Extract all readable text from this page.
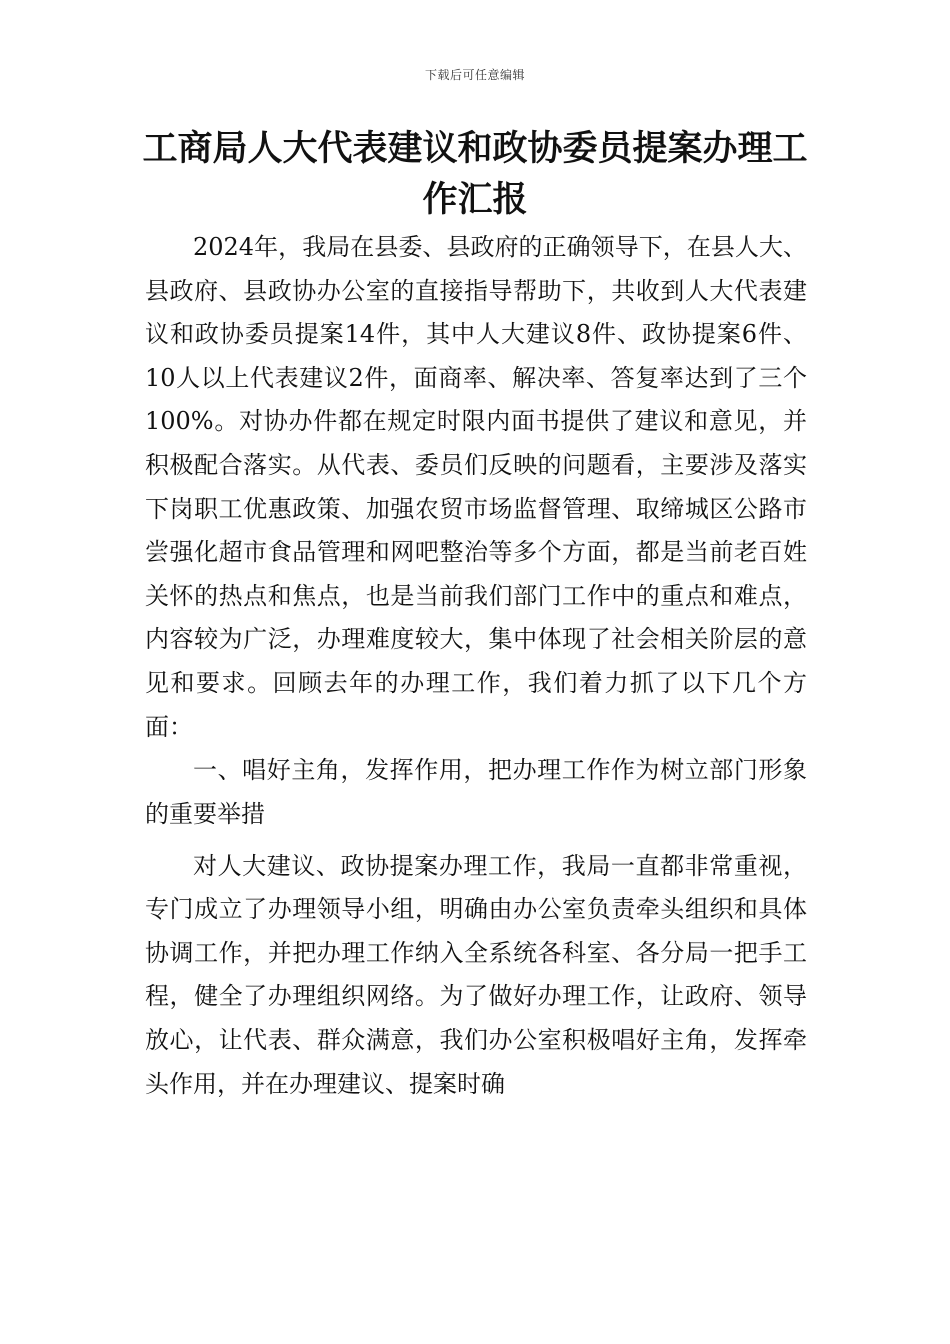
下载后可任意编辑
工商局人大代表建议和政协委员提案办理工作汇报

2024年，我局在县委、县政府的正确领导下，在县人大、县政府、县政协办公室的直接指导帮助下，共收到人大代表建议和政协委员提案14件，其中人大建议8件、政协提案6件、10人以上代表建议2件，面商率、解决率、答复率达到了三个100%。对协办件都在规定时限内面书提供了建议和意见，并积极配合落实。从代表、委员们反映的问题看，主要涉及落实下岗职工优惠政策、加强农贸市场监督管理、取缔城区公路市尝强化超市食品管理和网吧整治等多个方面，都是当前老百姓关怀的热点和焦点，也是当前我们部门工作中的重点和难点，内容较为广泛，办理难度较大，集中体现了社会相关阶层的意见和要求。回顾去年的办理工作，我们着力抓了以下几个方面：

一、唱好主角，发挥作用，把办理工作作为树立部门形象的重要举措

对人大建议、政协提案办理工作，我局一直都非常重视，专门成立了办理领导小组，明确由办公室负责牵头组织和具体协调工作，并把办理工作纳入全系统各科室、各分局一把手工程，健全了办理组织网络。为了做好办理工作，让政府、领导放心，让代表、群众满意，我们办公室积极唱好主角，发挥牵头作用，并在办理建议、提案时确
